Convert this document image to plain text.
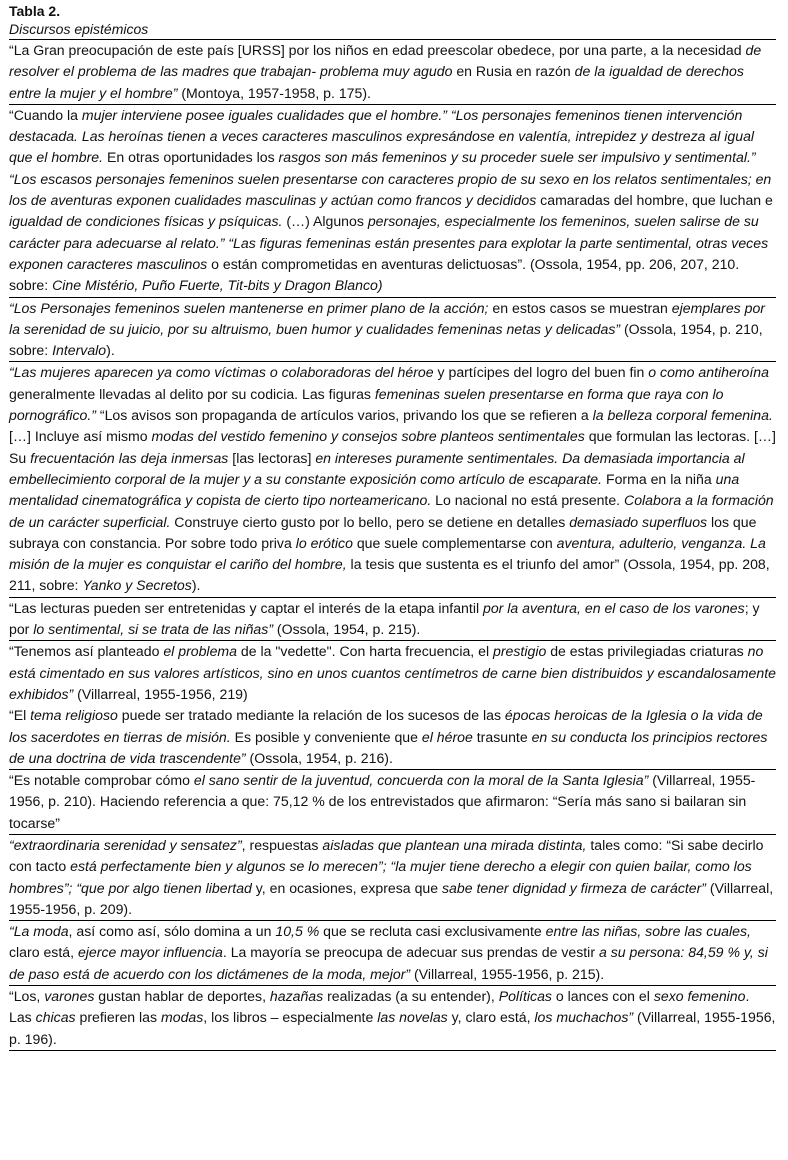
Tabla 2.
Discursos epistémicos
“La Gran preocupación de este país [URSS] por los niños en edad preescolar obedece, por una parte, a la necesidad de resolver el problema de las madres que trabajan- problema muy agudo en Rusia en razón de la igualdad de derechos entre la mujer y el hombre” (Montoya, 1957-1958, p. 175).
“Cuando la mujer interviene posee iguales cualidades que el hombre.” “Los personajes femeninos tienen intervención destacada. Las heroínas tienen a veces caracteres masculinos expresándose en valentía, intrepidez y destreza al igual que el hombre. En otras oportunidades los rasgos son más femeninos y su proceder suele ser impulsivo y sentimental.” “Los escasos personajes femeninos suelen presentarse con caracteres propio de su sexo en los relatos sentimentales; en los de aventuras exponen cualidades masculinas y actúan como francos y decididos camaradas del hombre, que luchan e igualdad de condiciones físicas y psíquicas. (…) Algunos personajes, especialmente los femeninos, suelen salirse de su carácter para adecuarse al relato.” “Las figuras femeninas están presentes para explotar la parte sentimental, otras veces exponen caracteres masculinos o están comprometidas en aventuras delictuosas”. (Ossola, 1954, pp. 206, 207, 210. sobre: Cine Mistério, Puño Fuerte, Tit-bits y Dragon Blanco)
“Los Personajes femeninos suelen mantenerse en primer plano de la acción; en estos casos se muestran ejemplares por la serenidad de su juicio, por su altruismo, buen humor y cualidades femeninas netas y delicadas” (Ossola, 1954, p. 210, sobre: Intervalo).
“Las mujeres aparecen ya como víctimas o colaboradoras del héroe y partícipes del logro del buen fin o como antiheroína generalmente llevadas al delito por su codicia. Las figuras femeninas suelen presentarse en forma que raya con lo pornográfico.” “Los avisos son propaganda de artículos varios, privando los que se refieren a la belleza corporal femenina. […] Incluye así mismo modas del vestido femenino y consejos sobre planteos sentimentales que formulan las lectoras. […] Su frecuentación las deja inmersas [las lectoras] en intereses puramente sentimentales. Da demasiada importancia al embellecimiento corporal de la mujer y a su constante exposición como artículo de escaparate. Forma en la niña una mentalidad cinematográfica y copista de cierto tipo norteamericano. Lo nacional no está presente. Colabora a la formación de un carácter superficial. Construye cierto gusto por lo bello, pero se detiene en detalles demasiado superfluos los que subraya con constancia. Por sobre todo priva lo erótico que suele complementarse con aventura, adulterio, venganza. La misión de la mujer es conquistar el cariño del hombre, la tesis que sustenta es el triunfo del amor” (Ossola, 1954, pp. 208, 211, sobre: Yanko y Secretos).
“Las lecturas pueden ser entretenidas y captar el interés de la etapa infantil por la aventura, en el caso de los varones; y por lo sentimental, si se trata de las niñas” (Ossola, 1954, p. 215).
“Tenemos así planteado el problema de la "vedette". Con harta frecuencia, el prestigio de estas privilegiadas criaturas no está cimentado en sus valores artísticos, sino en unos cuantos centímetros de carne bien distribuidos y escandalosamente exhibidos” (Villarreal, 1955-1956, 219)
“El tema religioso puede ser tratado mediante la relación de los sucesos de las épocas heroicas de la Iglesia o la vida de los sacerdotes en tierras de misión. Es posible y conveniente que el héroe trasunte en su conducta los principios rectores de una doctrina de vida trascendente” (Ossola, 1954, p. 216).
“Es notable comprobar cómo el sano sentir de la juventud, concuerda con la moral de la Santa Iglesia” (Villarreal, 1955-1956, p. 210). Haciendo referencia a que: 75,12 % de los entrevistados que afirmaron: “Sería más sano si bailaran sin tocarse”
“extraordinaria serenidad y sensatez”, respuestas aisladas que plantean una mirada distinta, tales como: “Si sabe decirlo con tacto está perfectamente bien y algunos se lo merecen”; “la mujer tiene derecho a elegir con quien bailar, como los hombres”; “que por algo tienen libertad y, en ocasiones, expresa que sabe tener dignidad y firmeza de carácter” (Villarreal, 1955-1956, p. 209).
“La moda, así como así, sólo domina a un 10,5 % que se recluta casi exclusivamente entre las niñas, sobre las cuales, claro está, ejerce mayor influencia. La mayoría se preocupa de adecuar sus prendas de vestir a su persona: 84,59 % y, si de paso está de acuerdo con los dictámenes de la moda, mejor” (Villarreal, 1955-1956, p. 215).
“Los, varones gustan hablar de deportes, hazañas realizadas (a su entender), Políticas o lances con el sexo femenino. Las chicas prefieren las modas, los libros – especialmente las novelas y, claro está, los muchachos” (Villarreal, 1955-1956, p. 196).
